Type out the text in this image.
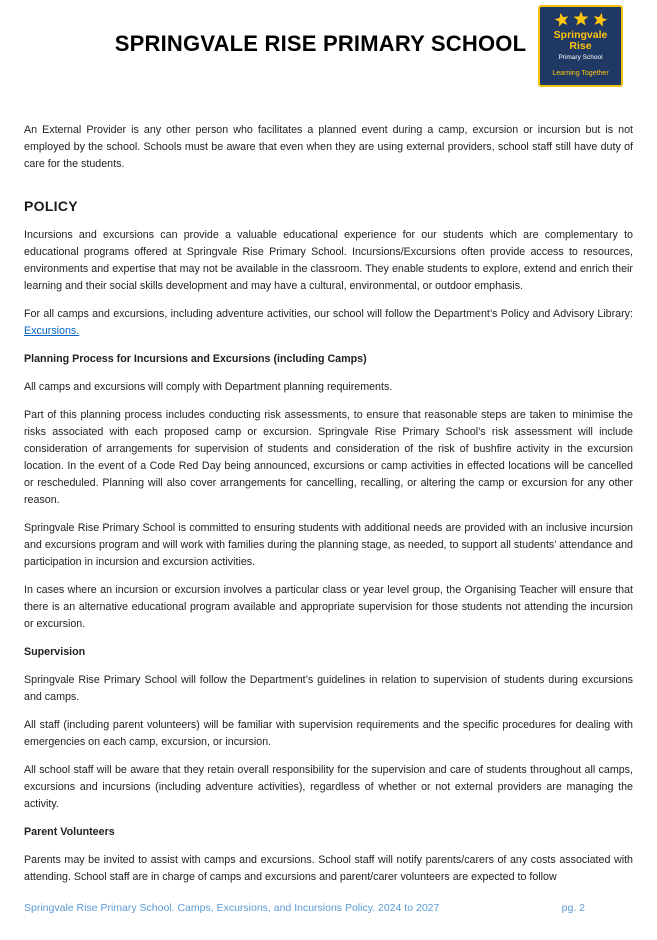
SPRINGVALE RISE PRIMARY SCHOOL	Springvale
Rise
Primary School
Learning Together

An External Provider is any other person who facilitates a planned event during a camp, excursion or incursion but is not employed by the school. Schools must be aware that even when they are using external providers, school staff still have duty of care for the students.

POLICY

Incursions and excursions can provide a valuable educational experience for our students which are complementary to educational programs offered at Springvale Rise Primary School. Incursions/Excursions often provide access to resources, environments and expertise that may not be available in the classroom. They enable students to explore, extend and enrich their learning and their social skills development and may have a cultural, environmental, or outdoor emphasis.

For all camps and excursions, including adventure activities, our school will follow the Department’s Policy and Advisory Library: Excursions.

Planning Process for Incursions and Excursions (including Camps)

All camps and excursions will comply with Department planning requirements.

Part of this planning process includes conducting risk assessments, to ensure that reasonable steps are taken to minimise the risks associated with each proposed camp or excursion. Springvale Rise Primary School’s risk assessment will include consideration of arrangements for supervision of students and consideration of the risk of bushfire activity in the excursion location. In the event of a Code Red Day being announced, excursions or camp activities in effected locations will be cancelled or rescheduled. Planning will also cover arrangements for cancelling, recalling, or altering the camp or excursion for any other reason.

Springvale Rise Primary School is committed to ensuring students with additional needs are provided with an inclusive incursion and excursions program and will work with families during the planning stage, as needed, to support all students’ attendance and participation in incursion and excursion activities.

In cases where an incursion or excursion involves a particular class or year level group, the Organising Teacher will ensure that there is an alternative educational program available and appropriate supervision for those students not attending the incursion or excursion.

Supervision

Springvale Rise Primary School will follow the Department’s guidelines in relation to supervision of students during excursions and camps.

All staff (including parent volunteers) will be familiar with supervision requirements and the specific procedures for dealing with emergencies on each camp, excursion, or incursion.

All school staff will be aware that they retain overall responsibility for the supervision and care of students throughout all camps, excursions and incursions (including adventure activities), regardless of whether or not external providers are managing the activity.

Parent Volunteers

Parents may be invited to assist with camps and excursions. School staff will notify parents/carers of any costs associated with attending. School staff are in charge of camps and excursions and parent/carer volunteers are expected to follow

Springvale Rise Primary School. Camps, Excursions, and Incursions Policy. 2024 to 2027	pg. 2
